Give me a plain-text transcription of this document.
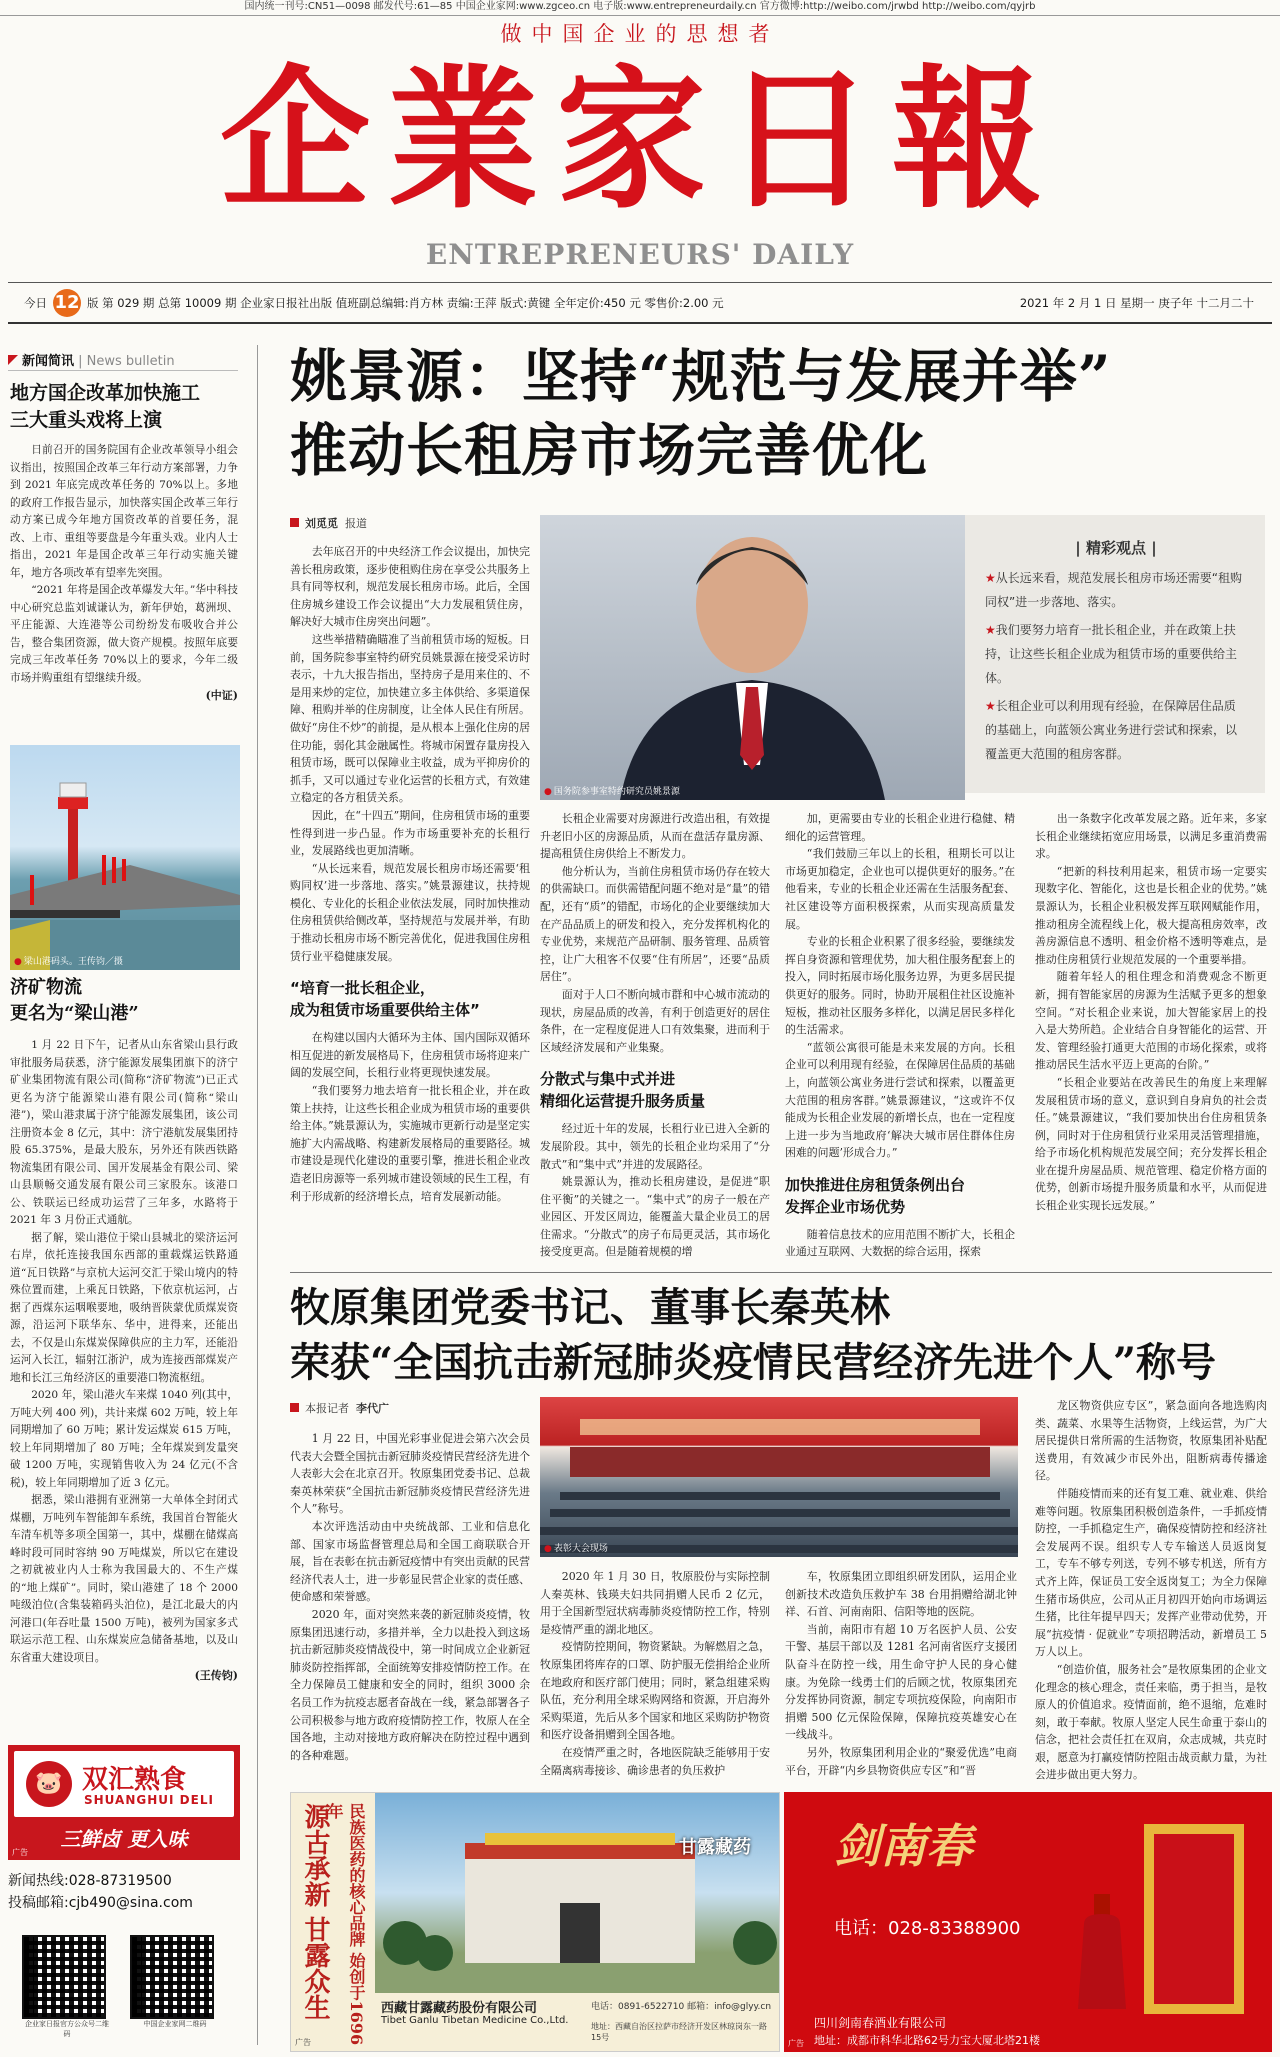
国内统一刊号:CN51—0098 邮发代号:61—85 中国企业家网:www.zgceo.cn 电子版:www.entrepreneurdaily.cn 官方微博:http://weibo.com/jrwbd http://weibo.com/qyjrb
做中国企业的思想者
企業家日報
ENTREPRENEURS' DAILY
今日 12 版 第 029 期 总第 10009 期 企业家日报社出版 值班副总编辑:肖方林 责编:王萍 版式:黄键 全年定价:450 元 零售价:2.00 元	2021 年 2 月 1 日 星期一 庚子年 十二月二十
新闻简讯 | News bulletin
地方国企改革加快施工
三大重头戏将上演

日前召开的国务院国有企业改革领导小组会议指出，按照国企改革三年行动方案部署，力争到 2021 年底完成改革任务的 70%以上。多地的政府工作报告显示，加快落实国企改革三年行动方案已成今年地方国资改革的首要任务，混改、上市、重组等要盘是今年重头戏。业内人士指出，2021 年是国企改革三年行动实施关键年，地方各项改革有望率先突围。

“2021 年将是国企改革爆发大年。”华中科技中心研究总监刘诚谦认为，新年伊始，葛洲坝、平庄能源、大连港等公司纷纷发布吸收合并公告，整合集团资源，做大资产规模。按照年底要完成三年改革任务 70%以上的要求，今年二级市场并购重组有望继续升级。

(中证)
● 梁山港码头。王传钧／摄
济矿物流
更名为“梁山港”

1 月 22 日下午，记者从山东省梁山县行政审批服务局获悉，济宁能源发展集团旗下的济宁矿业集团物流有限公司(简称“济矿物流”)已正式更名为济宁能源梁山港有限公司(简称“梁山港”)，梁山港隶属于济宁能源发展集团，该公司注册资本金 8 亿元，其中：济宁港航发展集团持股 65.375%，是最大股东，另外还有陕西铁路物流集团有限公司、国开发展基金有限公司、梁山县顺畅交通发展有限公司三家股东。该港口公、铁联运已经成功运营了三年多，水路将于 2021 年 3 月份正式通航。

据了解，梁山港位于梁山县城北的梁济运河右岸，依托连接我国东西部的重载煤运铁路通道“瓦日铁路”与京杭大运河交汇于梁山境内的特殊位置而建，上乘瓦日铁路，下依京杭运河，占据了西煤东运咽喉要地，吸纳晋陕蒙优质煤炭资源，沿运河下联华东、华中，进得来，还能出去，不仅是山东煤炭保障供应的主力军，还能沿运河入长江，辐射江浙沪，成为连接西部煤炭产地和长江三角经济区的重要港口物流枢纽。

2020 年，梁山港火车来煤 1040 列(其中，万吨大列 400 列)，共计来煤 602 万吨，较上年同期增加了 60 万吨；累计发运煤炭 615 万吨，较上年同期增加了 80 万吨；全年煤炭到发量突破 1200 万吨，实现销售收入为 24 亿元(不含税)，较上年同期增加了近 3 亿元。

据悉，梁山港拥有亚洲第一大单体全封闭式煤棚，万吨列车智能卸车系统，我国首台智能火车清车机等多项全国第一，其中，煤棚在储煤高峰时段可同时容纳 90 万吨煤炭，所以它在建设之初就被业内人士称为我国最大的、不生产煤的“地上煤矿”。同时，梁山港建了 18 个 2000 吨级泊位(含集装箱码头泊位)，是江北最大的内河港口(年吞吐量 1500 万吨)，被列为国家多式联运示范工程、山东煤炭应急储备基地，以及山东省重大建设项目。

(王传钧)
🐷 双汇熟食
SHUANGHUI DELI
三鲜卤 更入味
广告
新闻热线:028-87319500
投稿邮箱:cjb490@sina.com
企业家日报官方公众号二维码
中国企业家网二维码
姚景源：坚持“规范与发展并举”
推动长租房市场完善优化
刘觅觅 报道

去年底召开的中央经济工作会议提出，加快完善长租房政策，逐步使租购住房在享受公共服务上具有同等权利，规范发展长租房市场。此后，全国住房城乡建设工作会议提出“大力发展租赁住房，解决好大城市住房突出问题”。

这些举措精确瞄准了当前租赁市场的短板。日前，国务院参事室特约研究员姚景源在接受采访时表示，十九大报告指出，坚持房子是用来住的、不是用来炒的定位，加快建立多主体供给、多渠道保障、租购并举的住房制度，让全体人民住有所居。做好“房住不炒”的前提，是从根本上强化住房的居住功能，弱化其金融属性。将城市闲置存量房投入租赁市场，既可以保障业主收益，成为平抑房价的抓手，又可以通过专业化运营的长租方式，有效建立稳定的各方租赁关系。

因此，在“十四五”期间，住房租赁市场的重要性得到进一步凸显。作为市场重要补充的长租行业，发展路线也更加清晰。

“从长远来看，规范发展长租房市场还需要‘租购同权’进一步落地、落实。”姚景源建议，扶持规模化、专业化的长租企业依法发展，同时加快推动住房租赁供给侧改革，坚持规范与发展并举，有助于推动长租房市场不断完善优化，促进我国住房租赁行业平稳健康发展。

“培育一批长租企业，
成为租赁市场重要供给主体”

在构建以国内大循环为主体、国内国际双循环相互促进的新发展格局下，住房租赁市场将迎来广阔的发展空间，长租行业将更现快速发展。

“我们要努力地去培育一批长租企业，并在政策上扶持，让这些长租企业成为租赁市场的重要供给主体。”姚景源认为，实施城市更新行动是坚定实施扩大内需战略、构建新发展格局的重要路径。城市建设是现代化建设的重要引擎，推进长租企业改造老旧房源等一系列城市建设领域的民生工程，有利于形成新的经济增长点，培育发展新动能。

● 国务院参事室特约研究员姚景源
| 精彩观点 |
★从长远来看，规范发展长租房市场还需要“租购同权”进一步落地、落实。
★我们要努力培育一批长租企业，并在政策上扶持，让这些长租企业成为租赁市场的重要供给主体。
★长租企业可以利用现有经验，在保障居住品质的基础上，向蓝领公寓业务进行尝试和探索，以覆盖更大范围的租房客群。

长租企业需要对房源进行改造出租，有效提升老旧小区的房源品质，从而在盘活存量房源、提高租赁住房供给上不断发力。

他分析认为，当前住房租赁市场仍存在较大的供需缺口。而供需错配问题不绝对是“量”的错配，还有“质”的错配，市场化的企业要继续加大在产品品质上的研发和投入，充分发挥机构化的专业优势，来规范产品研制、服务管理、品质管控，让广大租客不仅要“住有所居”，还要“品质居住”。

面对于人口不断向城市群和中心城市流动的现状，房屋品质的改善，有利于创造更好的居住条件，在一定程度促进人口有效集聚，进而利于区域经济发展和产业集聚。

分散式与集中式并进
精细化运营提升服务质量

经过近十年的发展，长租行业已进入全新的发展阶段。其中，领先的长租企业均采用了“分散式”和“集中式”并进的发展路径。

姚景源认为，推动长租房建设，是促进“职住平衡”的关键之一。“集中式”的房子一般在产业园区、开发区周边，能覆盖大量企业员工的居住需求。“分散式”的房子布局更灵活，其市场化接受度更高。但是随着规模的增

加，更需要由专业的长租企业进行稳健、精细化的运营管理。

“我们鼓励三年以上的长租，租期长可以让市场更加稳定，企业也可以提供更好的服务。”在他看来，专业的长租企业还需在生活服务配套、社区建设等方面积极探索，从而实现高质量发展。

专业的长租企业积累了很多经验，要继续发挥自身资源和管理优势，加大租住服务配套上的投入，同时拓展市场化服务边界，为更多居民提供更好的服务。同时，协助开展租住社区设施补短板，推动社区服务多样化，以满足居民多样化的生活需求。

“蓝领公寓很可能是未来发展的方向。长租企业可以利用现有经验，在保障居住品质的基础上，向蓝领公寓业务进行尝试和探索，以覆盖更大范围的租房客群。”姚景源建议，“这或许不仅能成为长租企业发展的新增长点，也在一定程度上进一步为当地政府‘解决大城市居住群体住房困难的问题’形成合力。”

加快推进住房租赁条例出台
发挥企业市场优势

随着信息技术的应用范围不断扩大，长租企业通过互联网、大数据的综合运用，探索

出一条数字化改革发展之路。近年来，多家长租企业继续拓宽应用场景，以满足多重消费需求。

“把新的科技利用起来，租赁市场一定要实现数字化、智能化，这也是长租企业的优势。”姚景源认为，长租企业积极发挥互联网赋能作用，推动租房全流程线上化，极大提高租房效率，改善房源信息不透明、租金价格不透明等难点，是推动住房租赁行业规范发展的一个重要举措。

随着年轻人的租住理念和消费观念不断更新，拥有智能家居的房源为生活赋予更多的想象空间。“对长租企业来说，加大智能家居上的投入是大势所趋。企业结合自身智能化的运营、开发、管理经验打通更大范围的市场化探索，或将推动居民生活水平迈上更高的台阶。”

“长租企业要站在改善民生的角度上来理解发展租赁市场的意义，意识到自身肩负的社会责任。”姚景源建议，“我们要加快出台住房租赁条例，同时对于住房租赁行业采用灵活管理措施，给予市场化机构规范发展空间；充分发挥长租企业在提升房屋品质、规范管理、稳定价格方面的优势，创新市场提升服务质量和水平，从而促进长租企业实现长远发展。”

牧原集团党委书记、董事长秦英林
荣获“全国抗击新冠肺炎疫情民营经济先进个人”称号
本报记者 李代广

1 月 22 日，中国光彩事业促进会第六次会员代表大会暨全国抗击新冠肺炎疫情民营经济先进个人表彰大会在北京召开。牧原集团党委书记、总裁秦英林荣获“全国抗击新冠肺炎疫情民营经济先进个人”称号。

本次评选活动由中央统战部、工业和信息化部、国家市场监督管理总局和全国工商联联合开展，旨在表彰在抗击新冠疫情中有突出贡献的民营经济代表人士，进一步彰显民营企业家的责任感、使命感和荣誉感。

2020 年，面对突然来袭的新冠肺炎疫情，牧原集团迅速行动，多措并举，全力以赴投入到这场抗击新冠肺炎疫情战役中，第一时间成立企业新冠肺炎防控指挥部，全面统筹安排疫情防控工作。在全力保障员工健康和安全的同时，组织 3000 余名员工作为抗疫志愿者奋战在一线，紧急部署各子公司积极参与地方政府疫情防控工作，牧原人在全国各地，主动对接地方政府解决在防控过程中遇到的各种难题。

● 表彰大会现场

2020 年 1 月 30 日，牧原股份与实际控制人秦英林、钱瑛夫妇共同捐赠人民币 2 亿元，用于全国新型冠状病毒肺炎疫情防控工作，特别是疫情严重的湖北地区。

疫情防控期间，物资紧缺。为解燃眉之急，牧原集团将库存的口罩、防护服无偿捐给企业所在地政府和医疗部门使用；同时，紧急组建采购队伍，充分利用全球采购网络和资源，开启海外采购渠道，先后从多个国家和地区采购防护物资和医疗设备捐赠到全国各地。

在疫情严重之时，各地医院缺乏能够用于安全隔离病毒接诊、确诊患者的负压救护

车，牧原集团立即组织研发团队，运用企业创新技术改造负压救护车 38 台用捐赠给湖北钟祥、石首、河南南阳、信阳等地的医院。

当前，南阳市有超 10 万名医护人员、公安干警、基层干部以及 1281 名河南省医疗支援团队奋斗在防控一线，用生命守护人民的身心健康。为免除一线勇士们的后顾之忧，牧原集团充分发挥协同资源，制定专项抗疫保险，向南阳市捐赠 500 亿元保险保障，保障抗疫英雄安心在一线战斗。

另外，牧原集团利用企业的“聚爱优选”电商平台，开辟“内乡县物资供应专区”和“晋

龙区物资供应专区”，紧急面向各地选购肉类、蔬菜、水果等生活物资，上线运营，为广大居民提供日常所需的生活物资，牧原集团补贴配送费用，有效减少市民外出，阻断病毒传播途径。

伴随疫情而来的还有复工难、就业难、供给难等问题。牧原集团积极创造条件，一手抓疫情防控，一手抓稳定生产，确保疫情防控和经济社会发展两不误。组织专人专车输送人员返岗复工，专车不够专列送，专列不够专机送，所有方式齐上阵，保证员工安全返岗复工；为全力保障生猪市场供应，公司从正月初四开始向市场调运生猪，比往年提早四天；发挥产业带动优势，开展“抗疫情 · 促就业”专项招聘活动，新增员工 5 万人以上。

“创造价值，服务社会”是牧原集团的企业文化理念的核心理念，责任来临，勇于担当，是牧原人的价值追求。疫情面前，绝不退缩，危难时刻，敢于奉献。牧原人坚定人民生命重于泰山的信念，把社会责任扛在双肩，众志成城，共克时艰，愿意为打赢疫情防控阻击战贡献力量，为社会进步做出更大努力。

源古承新 甘露众生	民族医药的核心品牌 始创于1696年
甘露藏药
西藏甘露藏药股份有限公司
Tibet Ganlu Tibetan Medicine Co.,Ltd.
电话：0891-6522710 邮箱：info@glyy.cn
地址：西藏自治区拉萨市经济开发区林琼岗东一路15号
广告
剑南春
电话：028-83388900
四川剑南春酒业有限公司
地址：成都市科华北路62号力宝大厦北塔21楼
广告
